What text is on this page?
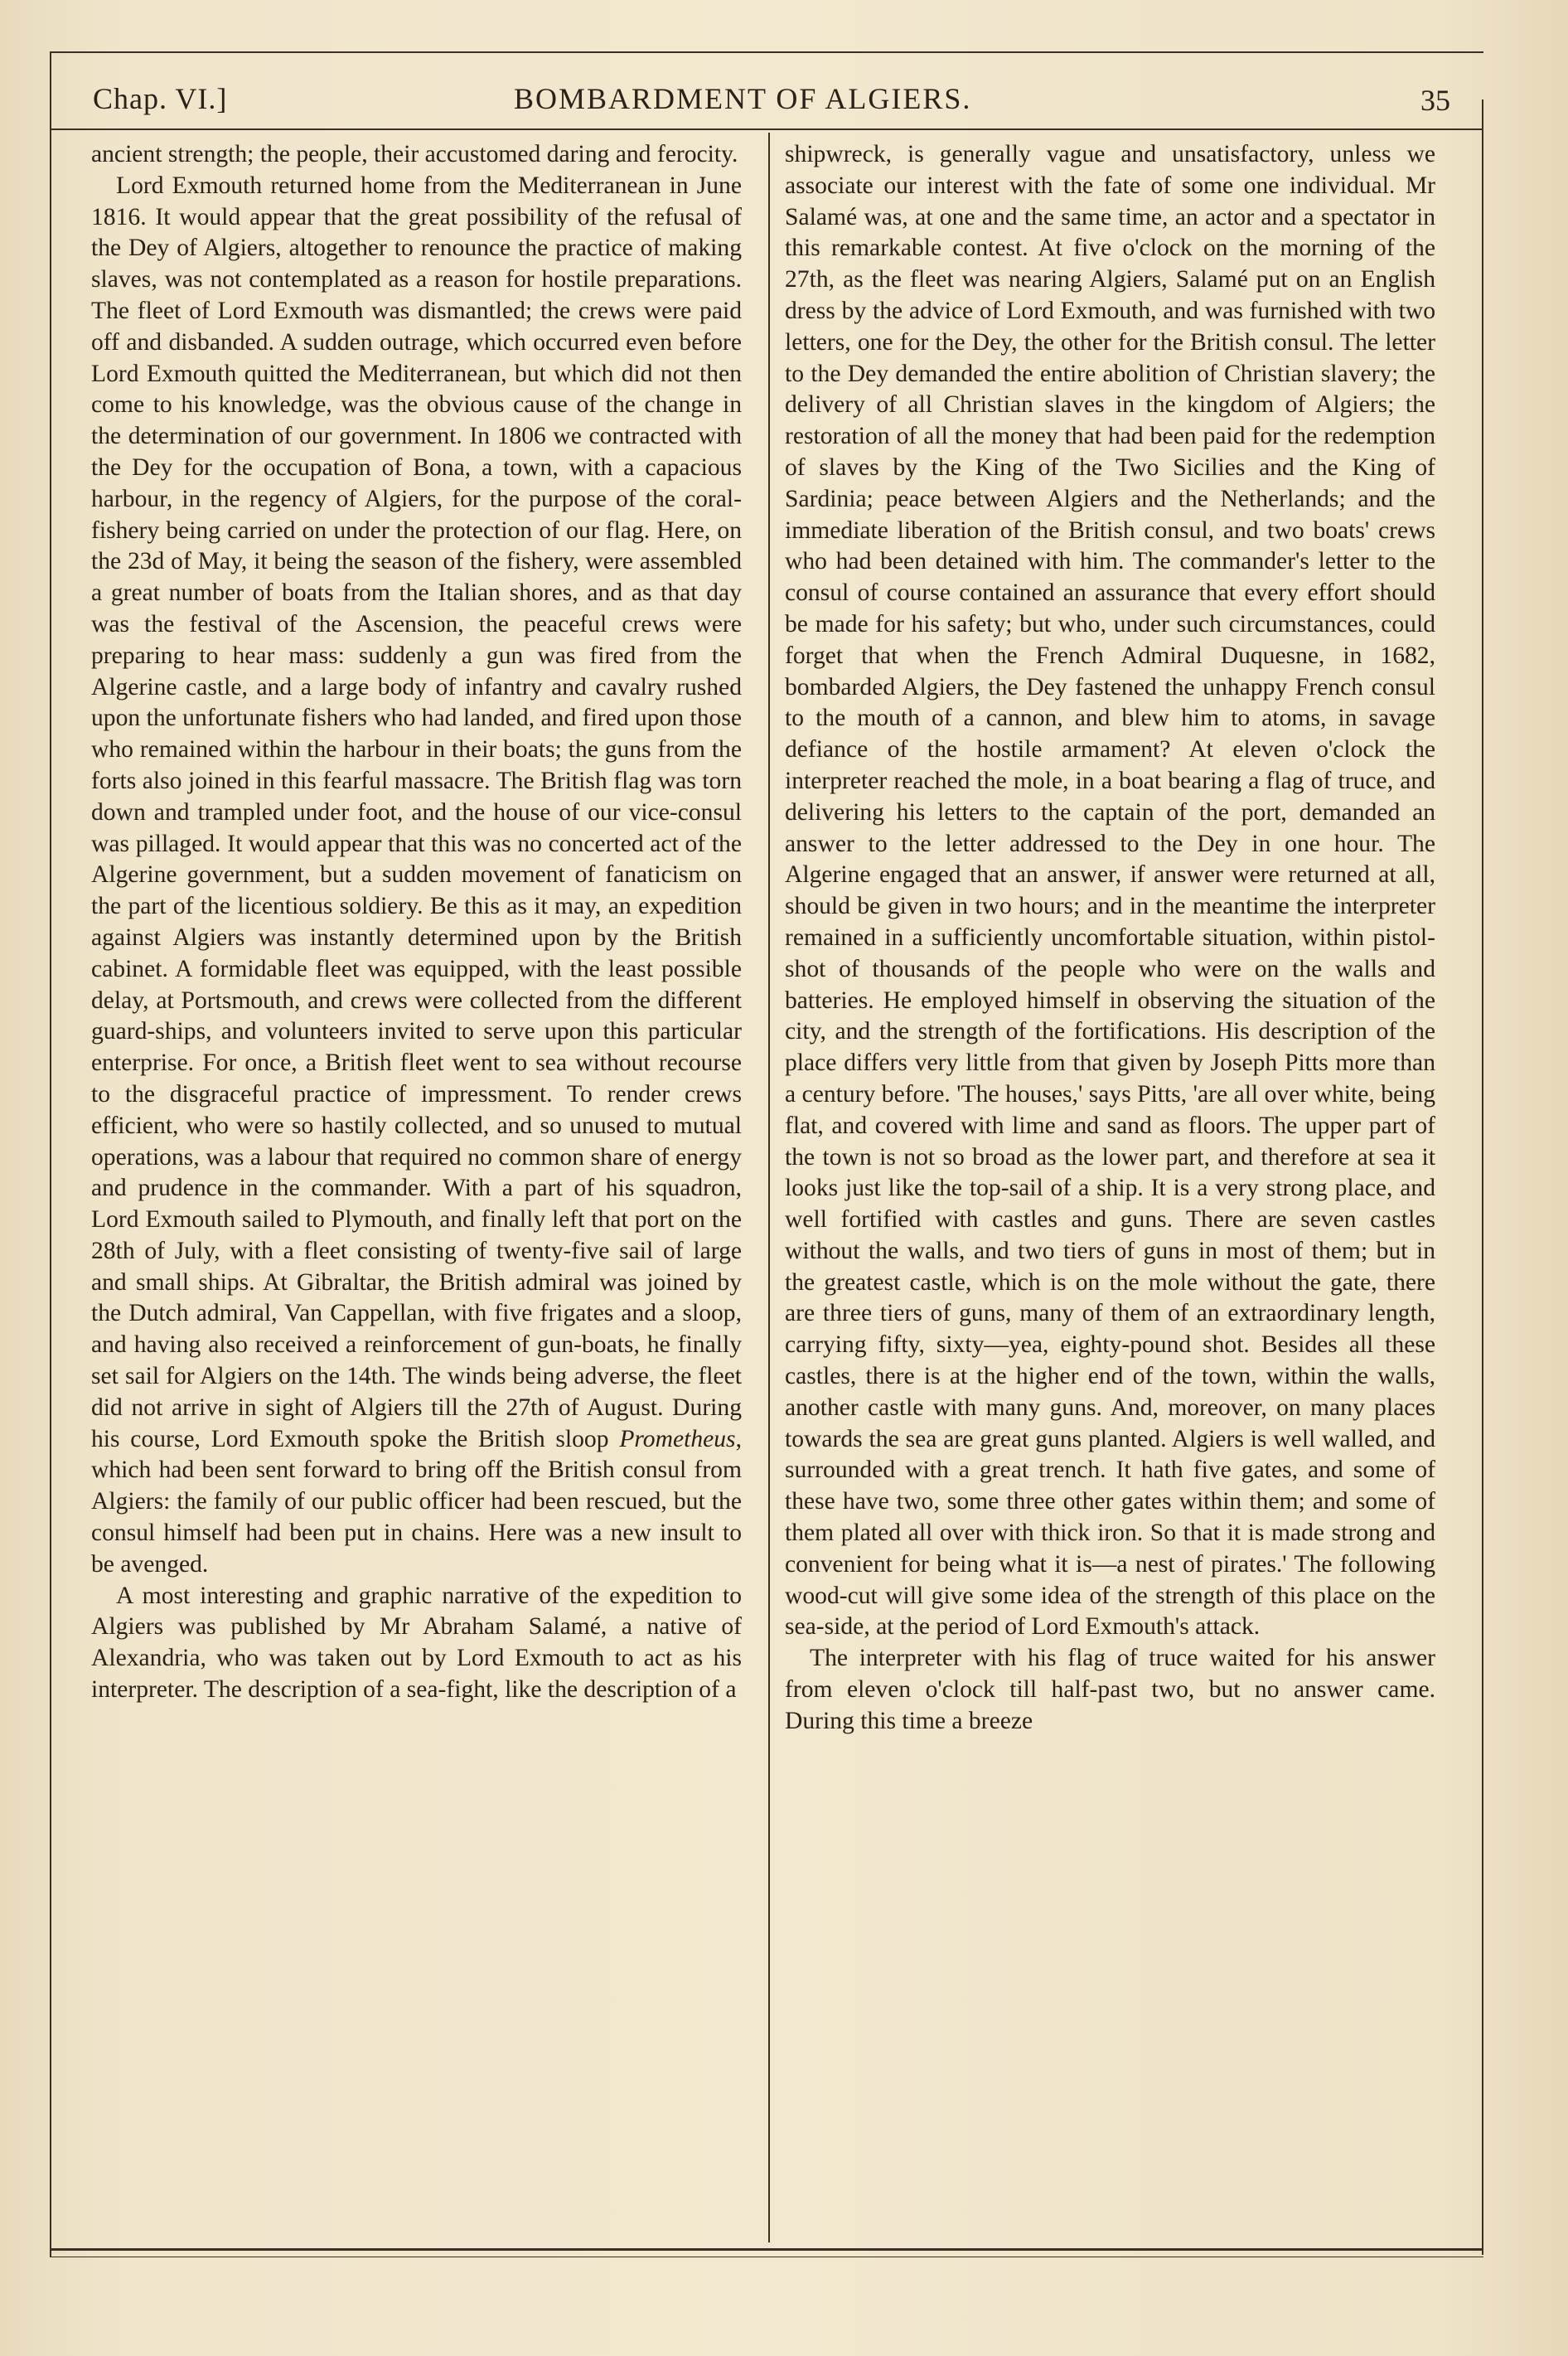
Chap. VI.]	BOMBARDMENT OF ALGIERS.	35

ancient strength; the people, their accustomed daring and ferocity.

Lord Exmouth returned home from the Mediterranean in June 1816. It would appear that the great possibility of the refusal of the Dey of Algiers, altogether to renounce the practice of making slaves, was not contemplated as a reason for hostile preparations. The fleet of Lord Exmouth was dismantled; the crews were paid off and disbanded. A sudden outrage, which occurred even before Lord Exmouth quitted the Mediterranean, but which did not then come to his knowledge, was the obvious cause of the change in the determination of our government. In 1806 we contracted with the Dey for the occupation of Bona, a town, with a capacious harbour, in the regency of Algiers, for the purpose of the coral-fishery being carried on under the protection of our flag. Here, on the 23d of May, it being the season of the fishery, were assembled a great number of boats from the Italian shores, and as that day was the festival of the Ascension, the peaceful crews were preparing to hear mass: suddenly a gun was fired from the Algerine castle, and a large body of infantry and cavalry rushed upon the unfortunate fishers who had landed, and fired upon those who remained within the harbour in their boats; the guns from the forts also joined in this fearful massacre. The British flag was torn down and trampled under foot, and the house of our vice-consul was pillaged. It would appear that this was no concerted act of the Algerine government, but a sudden movement of fanaticism on the part of the licentious soldiery. Be this as it may, an expedition against Algiers was instantly determined upon by the British cabinet. A formidable fleet was equipped, with the least possible delay, at Portsmouth, and crews were collected from the different guard-ships, and volunteers invited to serve upon this particular enterprise. For once, a British fleet went to sea without recourse to the disgraceful practice of impressment. To render crews efficient, who were so hastily collected, and so unused to mutual operations, was a labour that required no common share of energy and prudence in the commander. With a part of his squadron, Lord Exmouth sailed to Plymouth, and finally left that port on the 28th of July, with a fleet consisting of twenty-five sail of large and small ships. At Gibraltar, the British admiral was joined by the Dutch admiral, Van Cappellan, with five frigates and a sloop, and having also received a reinforcement of gun-boats, he finally set sail for Algiers on the 14th. The winds being adverse, the fleet did not arrive in sight of Algiers till the 27th of August. During his course, Lord Exmouth spoke the British sloop Prometheus, which had been sent forward to bring off the British consul from Algiers: the family of our public officer had been rescued, but the consul himself had been put in chains. Here was a new insult to be avenged.

A most interesting and graphic narrative of the expedition to Algiers was published by Mr Abraham Salamé, a native of Alexandria, who was taken out by Lord Exmouth to act as his interpreter. The description of a sea-fight, like the description of a

shipwreck, is generally vague and unsatisfactory, unless we associate our interest with the fate of some one individual. Mr Salamé was, at one and the same time, an actor and a spectator in this remarkable contest. At five o'clock on the morning of the 27th, as the fleet was nearing Algiers, Salamé put on an English dress by the advice of Lord Exmouth, and was furnished with two letters, one for the Dey, the other for the British consul. The letter to the Dey demanded the entire abolition of Christian slavery; the delivery of all Christian slaves in the kingdom of Algiers; the restoration of all the money that had been paid for the redemption of slaves by the King of the Two Sicilies and the King of Sardinia; peace between Algiers and the Netherlands; and the immediate liberation of the British consul, and two boats' crews who had been detained with him. The commander's letter to the consul of course contained an assurance that every effort should be made for his safety; but who, under such circumstances, could forget that when the French Admiral Duquesne, in 1682, bombarded Algiers, the Dey fastened the unhappy French consul to the mouth of a cannon, and blew him to atoms, in savage defiance of the hostile armament? At eleven o'clock the interpreter reached the mole, in a boat bearing a flag of truce, and delivering his letters to the captain of the port, demanded an answer to the letter addressed to the Dey in one hour. The Algerine engaged that an answer, if answer were returned at all, should be given in two hours; and in the meantime the interpreter remained in a sufficiently uncomfortable situation, within pistol-shot of thousands of the people who were on the walls and batteries. He employed himself in observing the situation of the city, and the strength of the fortifications. His description of the place differs very little from that given by Joseph Pitts more than a century before. 'The houses,' says Pitts, 'are all over white, being flat, and covered with lime and sand as floors. The upper part of the town is not so broad as the lower part, and therefore at sea it looks just like the top-sail of a ship. It is a very strong place, and well fortified with castles and guns. There are seven castles without the walls, and two tiers of guns in most of them; but in the greatest castle, which is on the mole without the gate, there are three tiers of guns, many of them of an extraordinary length, carrying fifty, sixty—yea, eighty-pound shot. Besides all these castles, there is at the higher end of the town, within the walls, another castle with many guns. And, moreover, on many places towards the sea are great guns planted. Algiers is well walled, and surrounded with a great trench. It hath five gates, and some of these have two, some three other gates within them; and some of them plated all over with thick iron. So that it is made strong and convenient for being what it is—a nest of pirates.' The following wood-cut will give some idea of the strength of this place on the sea-side, at the period of Lord Exmouth's attack.

The interpreter with his flag of truce waited for his answer from eleven o'clock till half-past two, but no answer came. During this time a breeze
